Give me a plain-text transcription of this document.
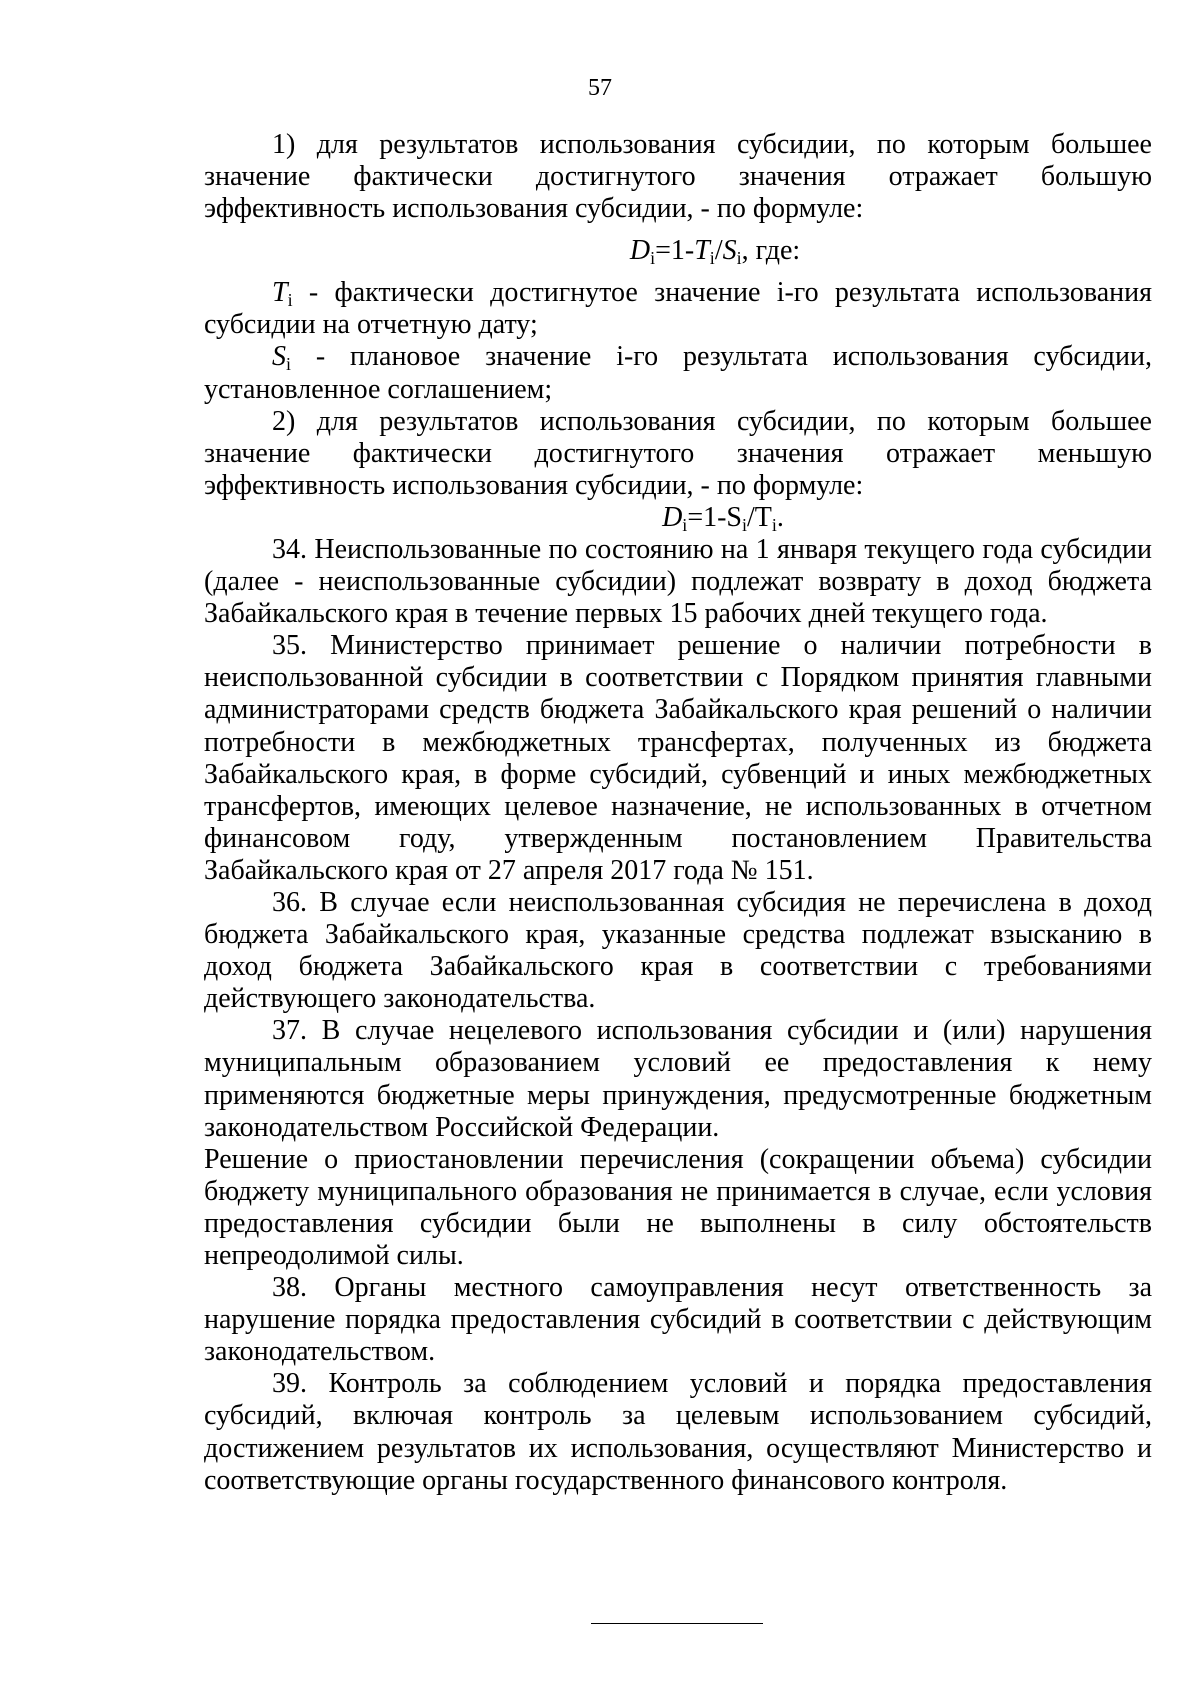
57

1) для результатов использования субсидии, по которым большее значение фактически достигнутого значения отражает большую эффективность использования субсидии, - по формуле:

$D_i=1-T_i/S_i$, где:

$T_i$ - фактически достигнутое значение i-го результата использования субсидии на отчетную дату;

$S_i$ - плановое значение i-го результата использования субсидии, установленное соглашением;

2) для результатов использования субсидии, по которым большее значение фактически достигнутого значения отражает меньшую эффективность использования субсидии, - по формуле:

$D_i=1-S_i/T_i$.

34. Неиспользованные по состоянию на 1 января текущего года субсидии (далее - неиспользованные субсидии) подлежат возврату в доход бюджета Забайкальского края в течение первых 15 рабочих дней текущего года.

35. Министерство принимает решение о наличии потребности в неиспользованной субсидии в соответствии с Порядком принятия главными администраторами средств бюджета Забайкальского края решений о наличии потребности в межбюджетных трансфертах, полученных из бюджета Забайкальского края, в форме субсидий, субвенций и иных межбюджетных трансфертов, имеющих целевое назначение, не использованных в отчетном финансовом году, утвержденным постановлением Правительства Забайкальского края от 27 апреля 2017 года № 151.

36. В случае если неиспользованная субсидия не перечислена в доход бюджета Забайкальского края, указанные средства подлежат взысканию в доход бюджета Забайкальского края в соответствии с требованиями действующего законодательства.

37. В случае нецелевого использования субсидии и (или) нарушения муниципальным образованием условий ее предоставления к нему применяются бюджетные меры принуждения, предусмотренные бюджетным законодательством Российской Федерации.

Решение о приостановлении перечисления (сокращении объема) субсидии бюджету муниципального образования не принимается в случае, если условия предоставления субсидии были не выполнены в силу обстоятельств непреодолимой силы.

38. Органы местного самоуправления несут ответственность за нарушение порядка предоставления субсидий в соответствии с действующим законодательством.

39. Контроль за соблюдением условий и порядка предоставления субсидий, включая контроль за целевым использованием субсидий, достижением результатов их использования, осуществляют Министерство и соответствующие органы государственного финансового контроля.
